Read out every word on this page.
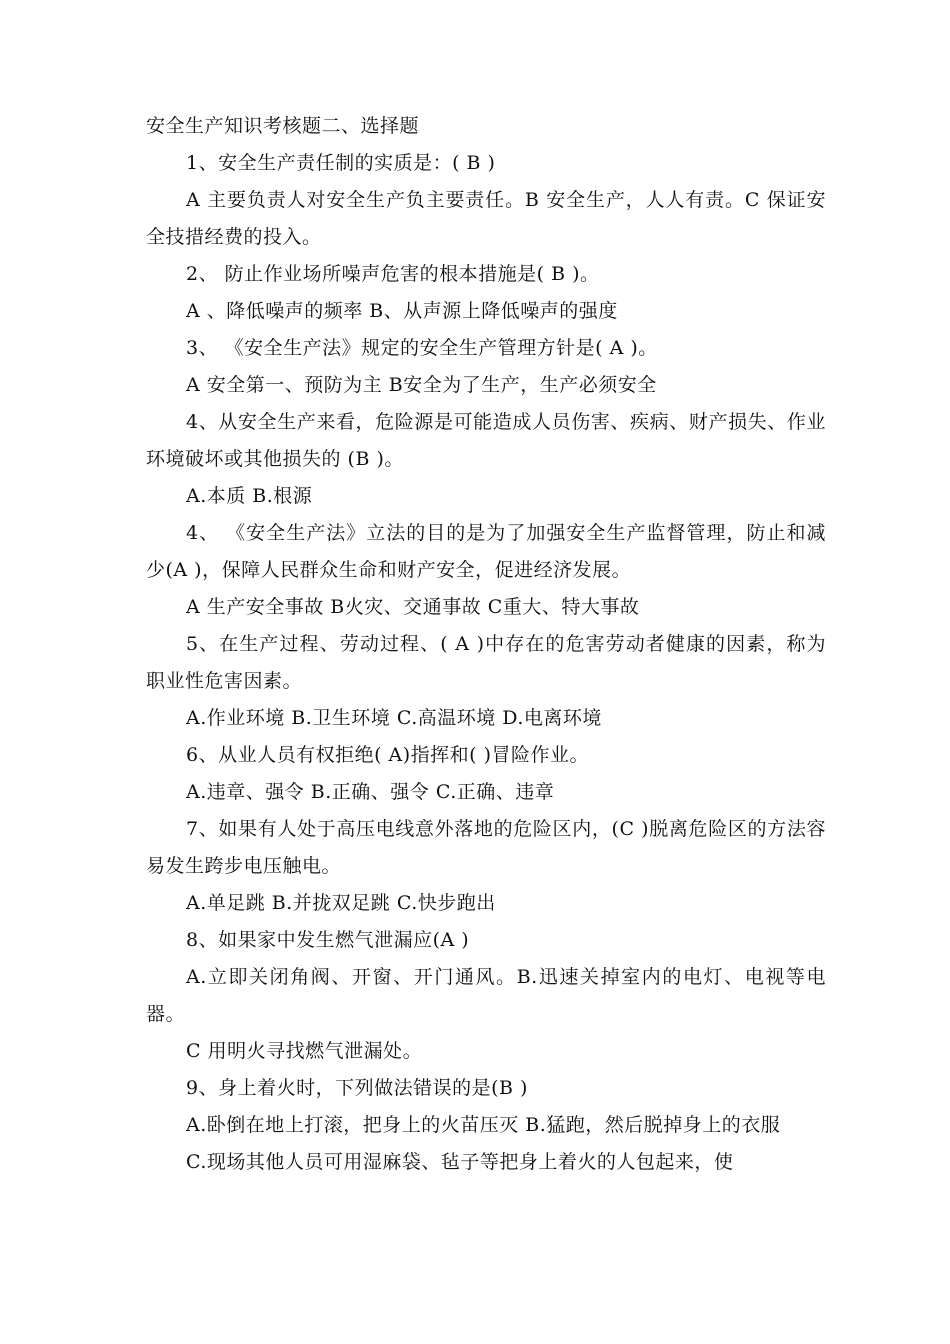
安全生产知识考核题二、选择题

1、安全生产责任制的实质是：( B )

A 主要负责人对安全生产负主要责任。B 安全生产，人人有责。C 保证安全技措经费的投入。

2、 防止作业场所噪声危害的根本措施是( B )。

A 、降低噪声的频率 B、从声源上降低噪声的强度

3、 《安全生产法》规定的安全生产管理方针是( A )。

A 安全第一、预防为主 B安全为了生产，生产必须安全

4、从安全生产来看，危险源是可能造成人员伤害、疾病、财产损失、作业环境破坏或其他损失的 (B )。

A.本质 B.根源

4、 《安全生产法》立法的目的是为了加强安全生产监督管理，防止和减少(A )，保障人民群众生命和财产安全，促进经济发展。

A 生产安全事故 B火灾、交通事故 C重大、特大事故

5、在生产过程、劳动过程、( A )中存在的危害劳动者健康的因素，称为职业性危害因素。

A.作业环境 B.卫生环境 C.高温环境 D.电离环境

6、从业人员有权拒绝( A)指挥和( )冒险作业。

A.违章、强令 B.正确、强令 C.正确、违章

7、如果有人处于高压电线意外落地的危险区内，(C )脱离危险区的方法容易发生跨步电压触电。

A.单足跳 B.并拢双足跳 C.快步跑出

8、如果家中发生燃气泄漏应(A )

A.立即关闭角阀、开窗、开门通风。B.迅速关掉室内的电灯、电视等电器。

C 用明火寻找燃气泄漏处。

9、身上着火时，下列做法错误的是(B )

A.卧倒在地上打滚，把身上的火苗压灭 B.猛跑，然后脱掉身上的衣服

C.现场其他人员可用湿麻袋、毡子等把身上着火的人包起来，使
